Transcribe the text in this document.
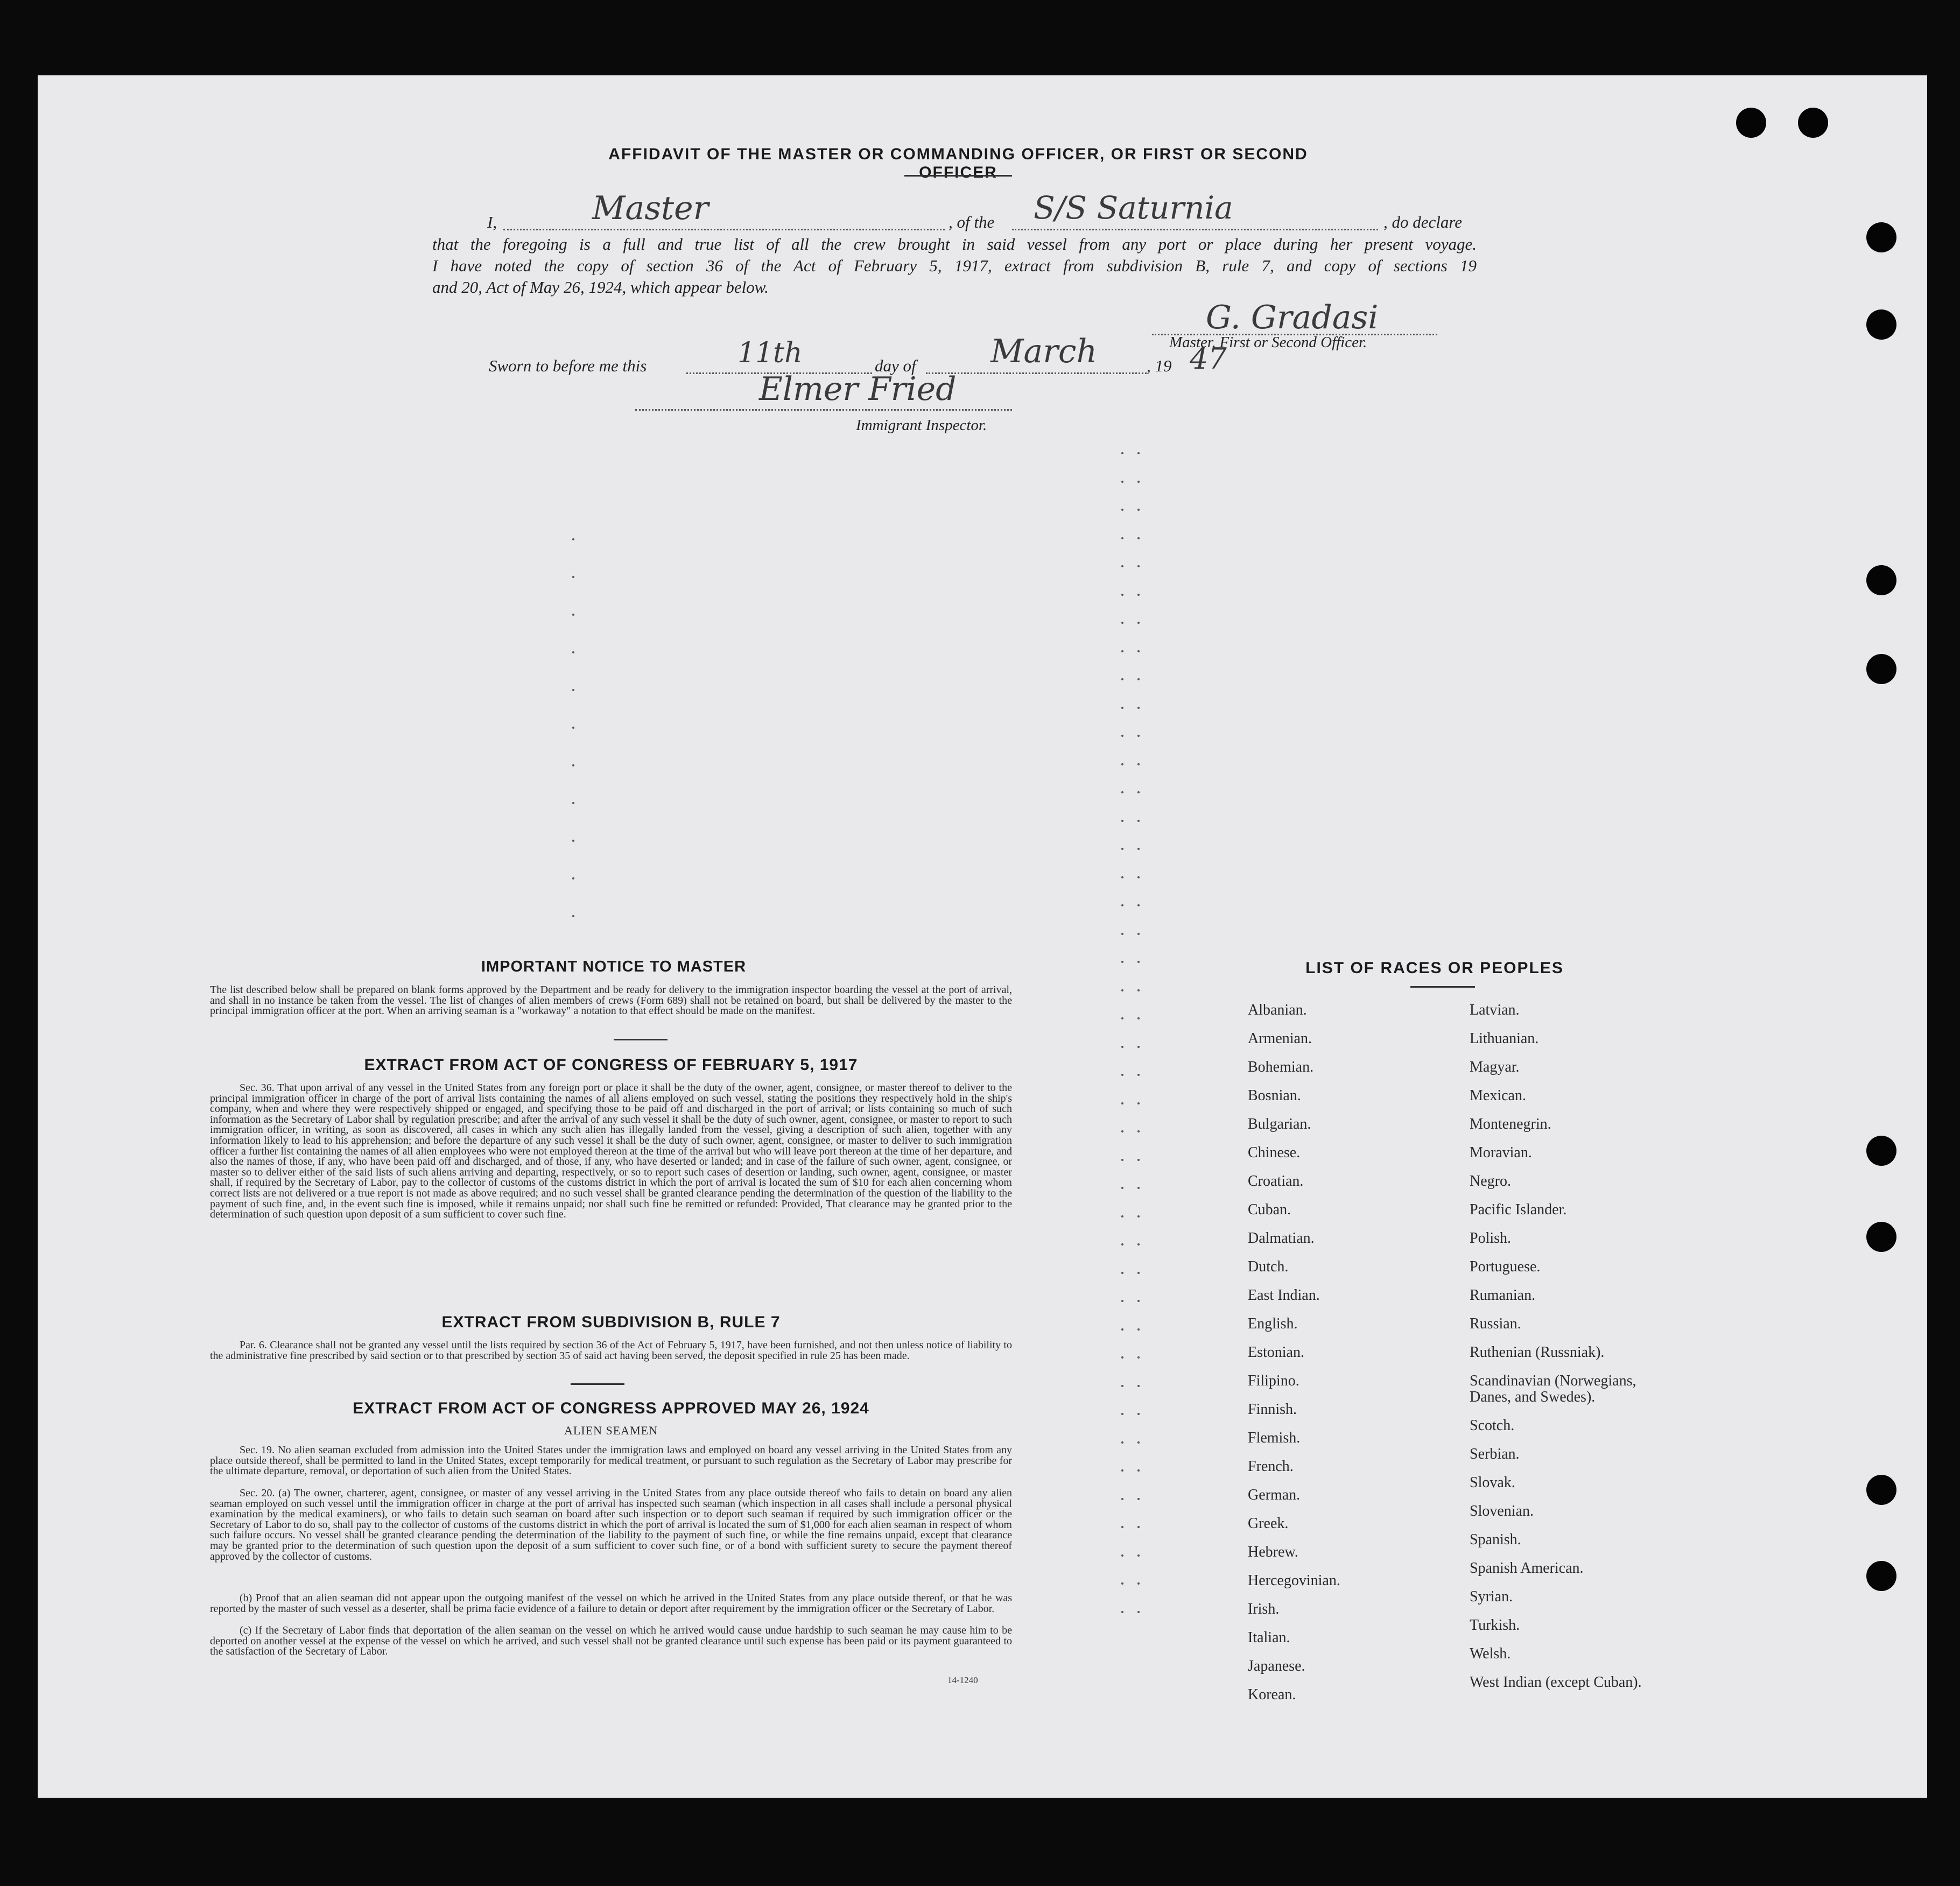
AFFIDAVIT OF THE MASTER OR COMMANDING OFFICER, OR FIRST OR SECOND OFFICER
I,	Master	, of the S/S Saturnia	, do declare
that the foregoing is a full and true list of all the crew brought in said vessel from any port or place during her present voyage.
I have noted the copy of section 36 of the Act of February 5, 1917, extract from subdivision B, rule 7, and copy of sections 19
and 20, Act of May 26, 1924, which appear below.
G. Gradasi
Master, First or Second Officer.
Sworn to before me this	11th	day of March	, 19 47
Elmer Fried
Immigrant Inspector.
IMPORTANT NOTICE TO MASTER
The list described below shall be prepared on blank forms approved by the Department and be ready for delivery to the immigration inspector boarding the vessel at the port of arrival, and shall in no instance be taken from the vessel. The list of changes of alien members of crews (Form 689) shall not be retained on board, but shall be delivered by the master to the principal immigration officer at the port. When an arriving seaman is a "workaway" a notation to that effect should be made on the manifest.
EXTRACT FROM ACT OF CONGRESS OF FEBRUARY 5, 1917
Sec. 36. That upon arrival of any vessel in the United States from any foreign port or place it shall be the duty of the owner, agent, consignee, or master thereof to deliver to the principal immigration officer in charge of the port of arrival lists containing the names of all aliens employed on such vessel, stating the positions they respectively hold in the ship's company, when and where they were respectively shipped or engaged, and specifying those to be paid off and discharged in the port of arrival; or lists containing so much of such information as the Secretary of Labor shall by regulation prescribe; and after the arrival of any such vessel it shall be the duty of such owner, agent, consignee, or master to report to such immigration officer, in writing, as soon as discovered, all cases in which any such alien has illegally landed from the vessel, giving a description of such alien, together with any information likely to lead to his apprehension; and before the departure of any such vessel it shall be the duty of such owner, agent, consignee, or master to deliver to such immigration officer a further list containing the names of all alien employees who were not employed thereon at the time of the arrival but who will leave port thereon at the time of her departure, and also the names of those, if any, who have been paid off and discharged, and of those, if any, who have deserted or landed; and in case of the failure of such owner, agent, consignee, or master so to deliver either of the said lists of such aliens arriving and departing, respectively, or so to report such cases of desertion or landing, such owner, agent, consignee, or master shall, if required by the Secretary of Labor, pay to the collector of customs of the customs district in which the port of arrival is located the sum of $10 for each alien concerning whom correct lists are not delivered or a true report is not made as above required; and no such vessel shall be granted clearance pending the determination of the question of the liability to the payment of such fine, and, in the event such fine is imposed, while it remains unpaid; nor shall such fine be remitted or refunded: Provided, That clearance may be granted prior to the determination of such question upon deposit of a sum sufficient to cover such fine.
EXTRACT FROM SUBDIVISION B, RULE 7
Par. 6. Clearance shall not be granted any vessel until the lists required by section 36 of the Act of February 5, 1917, have been furnished, and not then unless notice of liability to the administrative fine prescribed by said section or to that prescribed by section 35 of said act having been served, the deposit specified in rule 25 has been made.
EXTRACT FROM ACT OF CONGRESS APPROVED MAY 26, 1924
ALIEN SEAMEN
Sec. 19. No alien seaman excluded from admission into the United States under the immigration laws and employed on board any vessel arriving in the United States from any place outside thereof, shall be permitted to land in the United States, except temporarily for medical treatment, or pursuant to such regulation as the Secretary of Labor may prescribe for the ultimate departure, removal, or deportation of such alien from the United States.
Sec. 20. (a) The owner, charterer, agent, consignee, or master of any vessel arriving in the United States from any place outside thereof who fails to detain on board any alien seaman employed on such vessel until the immigration officer in charge at the port of arrival has inspected such seaman (which inspection in all cases shall include a personal physical examination by the medical examiners), or who fails to detain such seaman on board after such inspection or to deport such seaman if required by such immigration officer or the Secretary of Labor to do so, shall pay to the collector of customs of the customs district in which the port of arrival is located the sum of $1,000 for each alien seaman in respect of whom such failure occurs. No vessel shall be granted clearance pending the determination of the liability to the payment of such fine, or while the fine remains unpaid, except that clearance may be granted prior to the determination of such question upon the deposit of a sum sufficient to cover such fine, or of a bond with sufficient surety to secure the payment thereof approved by the collector of customs.
(b) Proof that an alien seaman did not appear upon the outgoing manifest of the vessel on which he arrived in the United States from any place outside thereof, or that he was reported by the master of such vessel as a deserter, shall be prima facie evidence of a failure to detain or deport after requirement by the immigration officer or the Secretary of Labor.
(c) If the Secretary of Labor finds that deportation of the alien seaman on the vessel on which he arrived would cause undue hardship to such seaman he may cause him to be deported on another vessel at the expense of the vessel on which he arrived, and such vessel shall not be granted clearance until such expense has been paid or its payment guaranteed to the satisfaction of the Secretary of Labor.
14-1240
LIST OF RACES OR PEOPLES
Albanian.
Armenian.
Bohemian.
Bosnian.
Bulgarian.
Chinese.
Croatian.
Cuban.
Dalmatian.
Dutch.
East Indian.
English.
Estonian.
Filipino.
Finnish.
Flemish.
French.
German.
Greek.
Hebrew.
Hercegovinian.
Irish.
Italian.
Japanese.
Korean.
Latvian.
Lithuanian.
Magyar.
Mexican.
Montenegrin.
Moravian.
Negro.
Pacific Islander.
Polish.
Portuguese.
Rumanian.
Russian.
Ruthenian (Russniak).
Scandinavian (Norwegians,
Danes, and Swedes).
Scotch.
Serbian.
Slovak.
Slovenian.
Spanish.
Spanish American.
Syrian.
Turkish.
Welsh.
West Indian (except Cuban).
